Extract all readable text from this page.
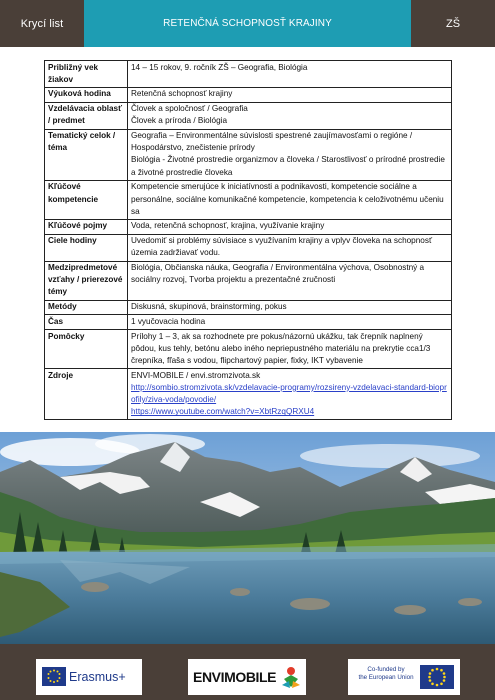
Krycí list	RETENČNÁ SCHOPNOSŤ KRAJINY	ZŠ
Približný vek žiakov	14 – 15 rokov, 9. ročník ZŠ – Geografia, Biológia

Výuková hodina	Retenčná schopnosť krajiny

Vzdelávacia oblasť / predmet	Človek a spoločnosť / Geografia
Človek a príroda / Biológia

Tematický celok / téma	Geografia – Environmentálne súvislosti spestrené zaujímavosťami o regióne / Hospodárstvo, znečistenie prírody
Biológia - Životné prostredie organizmov a človeka / Starostlivosť o prírodné prostredie a životné prostredie človeka

Kľúčové kompetencie	Kompetencie smerujúce k iniciatívnosti a podnikavosti, kompetencie sociálne a personálne, sociálne komunikačné kompetencie, kompetencia k celoživotnému učeniu sa

Kľúčové pojmy	Voda, retenčná schopnosť, krajina, využívanie krajiny

Ciele hodiny	Uvedomiť si problémy súvisiace s využívaním krajiny a vplyv človeka na schopnosť územia zadržiavať vodu.

Medzipredmetové vzťahy / prierezové témy	Biológia, Občianska náuka, Geografia / Environmentálna výchova, Osobnostný a sociálny rozvoj, Tvorba projektu a prezentačné zručnosti

Metódy	Diskusná, skupinová, brainstorming, pokus

Čas	1 vyučovacia hodina

Pomôcky	Prílohy 1 – 3, ak sa rozhodnete pre pokus/názornú ukážku, tak črepník naplnený pôdou, kus tehly, betónu alebo iného nepriepustného materiálu na prekrytie cca1/3 črepníka, fľaša s vodou, flipchartový papier, fixky, IKT vybavenie

Zdroje	ENVI-MOBILE / envi.stromzivota.sk
http://sombio.stromzivota.sk/vzdelavacie-programy/rozsireny-vzdelavaci-standard-bioprofily/ziva-voda/povodie/
https://www.youtube.com/watch?v=XbtRzqQRXU4
Erasmus+	ENVIMOBILE	Co-funded by
the European Union
